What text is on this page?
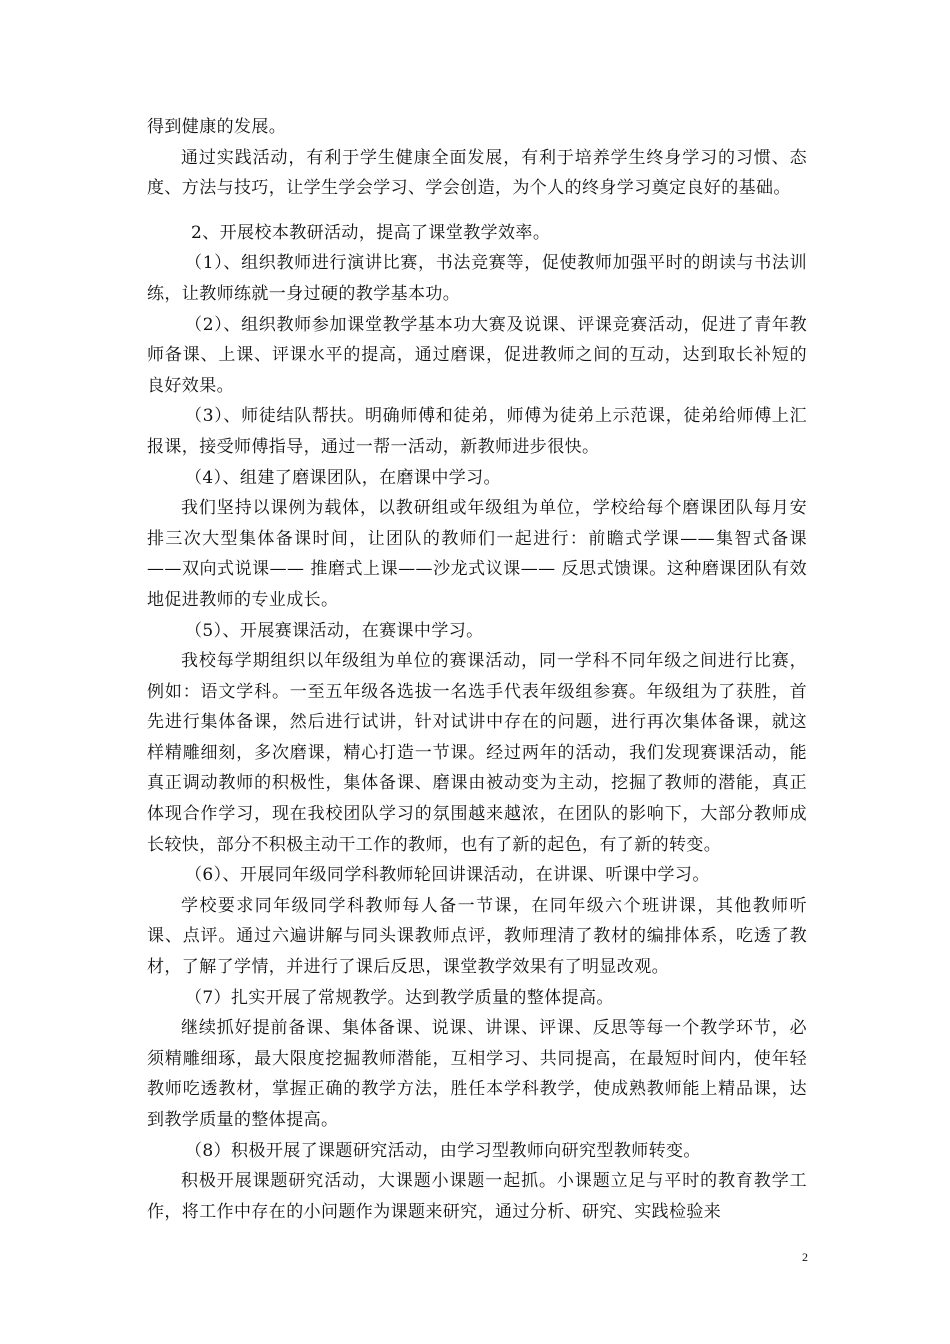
得到健康的发展。

通过实践活动，有利于学生健康全面发展，有利于培养学生终身学习的习惯、态度、方法与技巧，让学生学会学习、学会创造，为个人的终身学习奠定良好的基础。

2、开展校本教研活动，提高了课堂教学效率。

（1）、组织教师进行演讲比赛，书法竞赛等，促使教师加强平时的朗读与书法训练，让教师练就一身过硬的教学基本功。

（2）、组织教师参加课堂教学基本功大赛及说课、评课竞赛活动，促进了青年教师备课、上课、评课水平的提高，通过磨课，促进教师之间的互动，达到取长补短的良好效果。

（3）、师徒结队帮扶。明确师傅和徒弟，师傅为徒弟上示范课，徒弟给师傅上汇报课，接受师傅指导，通过一帮一活动，新教师进步很快。

（4）、组建了磨课团队，在磨课中学习。

我们坚持以课例为载体，以教研组或年级组为单位，学校给每个磨课团队每月安排三次大型集体备课时间，让团队的教师们一起进行：前瞻式学课——集智式备课——双向式说课—— 推磨式上课——沙龙式议课—— 反思式馈课。这种磨课团队有效地促进教师的专业成长。

（5）、开展赛课活动，在赛课中学习。

我校每学期组织以年级组为单位的赛课活动，同一学科不同年级之间进行比赛，例如：语文学科。一至五年级各选拔一名选手代表年级组参赛。年级组为了获胜，首先进行集体备课，然后进行试讲，针对试讲中存在的问题，进行再次集体备课，就这样精雕细刻，多次磨课，精心打造一节课。经过两年的活动，我们发现赛课活动，能真正调动教师的积极性，集体备课、磨课由被动变为主动，挖掘了教师的潜能，真正体现合作学习，现在我校团队学习的氛围越来越浓，在团队的影响下，大部分教师成长较快，部分不积极主动干工作的教师，也有了新的起色，有了新的转变。

（6）、开展同年级同学科教师轮回讲课活动，在讲课、听课中学习。

学校要求同年级同学科教师每人备一节课，在同年级六个班讲课，其他教师听课、点评。通过六遍讲解与同头课教师点评，教师理清了教材的编排体系，吃透了教材，了解了学情，并进行了课后反思，课堂教学效果有了明显改观。

（7）扎实开展了常规教学。达到教学质量的整体提高。

继续抓好提前备课、集体备课、说课、讲课、评课、反思等每一个教学环节，必须精雕细琢，最大限度挖掘教师潜能，互相学习、共同提高，在最短时间内，使年轻教师吃透教材，掌握正确的教学方法，胜任本学科教学，使成熟教师能上精品课，达到教学质量的整体提高。

（8）积极开展了课题研究活动，由学习型教师向研究型教师转变。

积极开展课题研究活动，大课题小课题一起抓。小课题立足与平时的教育教学工作，将工作中存在的小问题作为课题来研究，通过分析、研究、实践检验来

2
